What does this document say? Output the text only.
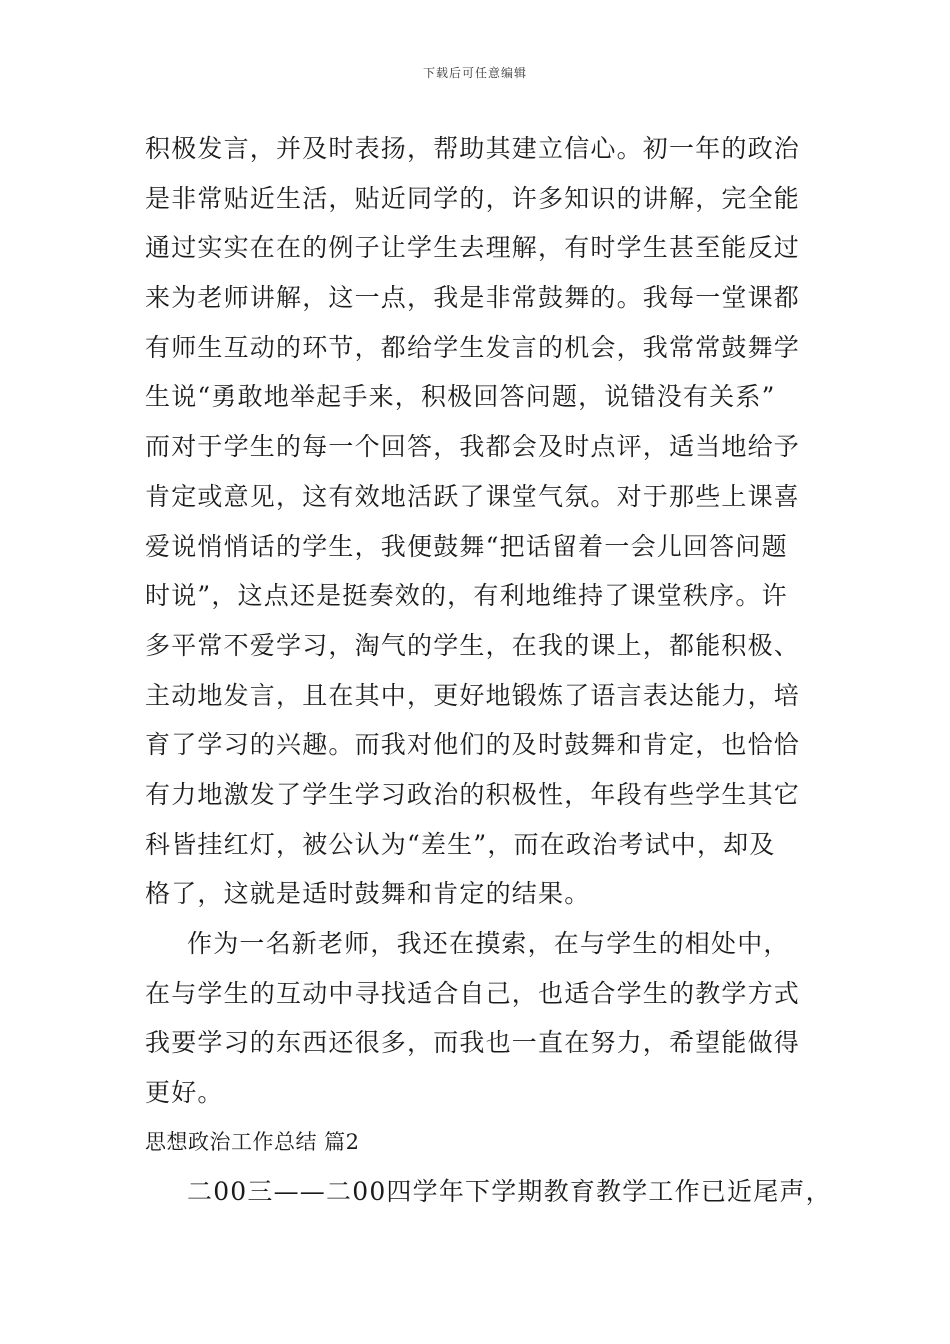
下载后可任意编辑
积极发言，并及时表扬，帮助其建立信心。初一年的政治
是非常贴近生活，贴近同学的，许多知识的讲解，完全能
通过实实在在的例子让学生去理解，有时学生甚至能反过
来为老师讲解，这一点，我是非常鼓舞的。我每一堂课都
有师生互动的环节，都给学生发言的机会，我常常鼓舞学
生说“勇敢地举起手来，积极回答问题，说错没有关系”
而对于学生的每一个回答，我都会及时点评，适当地给予
肯定或意见，这有效地活跃了课堂气氛。对于那些上课喜
爱说悄悄话的学生，我便鼓舞“把话留着一会儿回答问题
时说”，这点还是挺奏效的，有利地维持了课堂秩序。许
多平常不爱学习，淘气的学生，在我的课上，都能积极、
主动地发言，且在其中，更好地锻炼了语言表达能力，培
育了学习的兴趣。而我对他们的及时鼓舞和肯定，也恰恰
有力地激发了学生学习政治的积极性，年段有些学生其它
科皆挂红灯，被公认为“差生”，而在政治考试中，却及
格了，这就是适时鼓舞和肯定的结果。
作为一名新老师，我还在摸索，在与学生的相处中，
在与学生的互动中寻找适合自己，也适合学生的教学方式
我要学习的东西还很多，而我也一直在努力，希望能做得
更好。
思想政治工作总结 篇2
二00三——二00四学年下学期教育教学工作已近尾声，
